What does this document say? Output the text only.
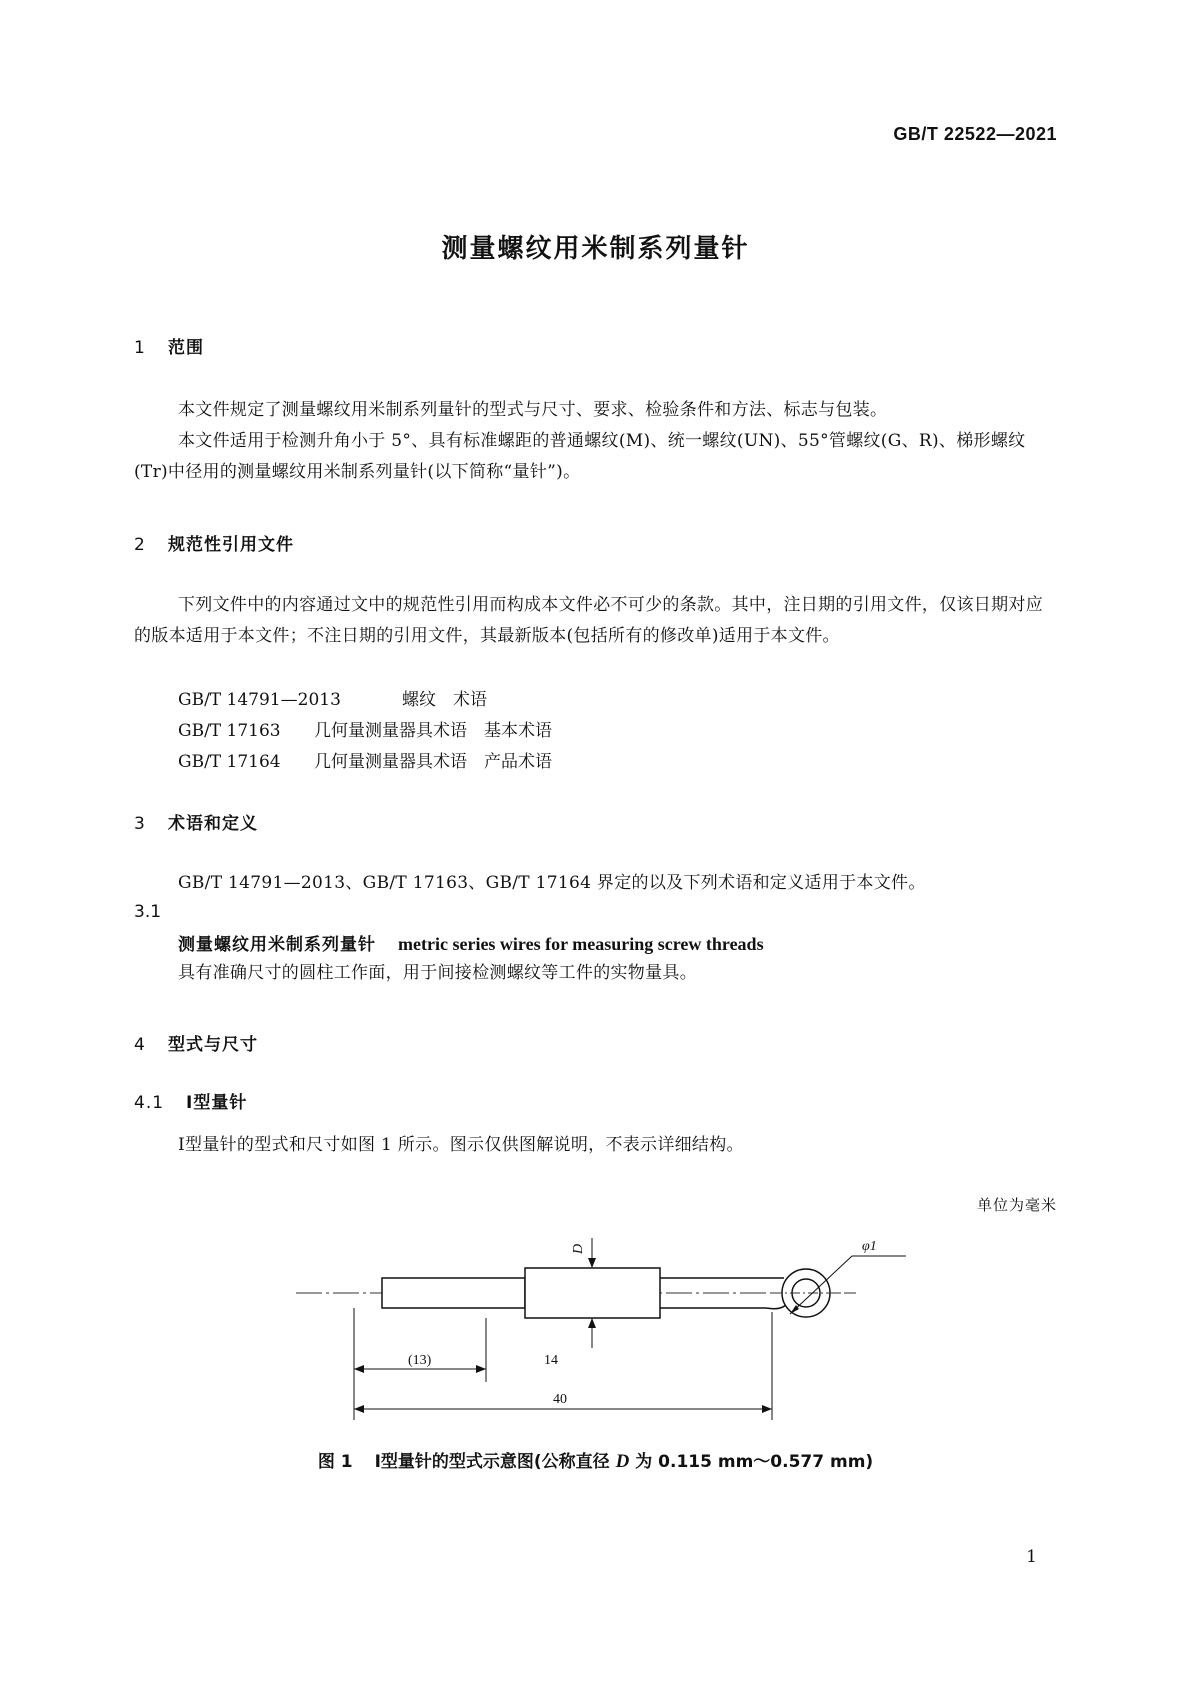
GB/T 22522—2021
测量螺纹用米制系列量针
1 范围
本文件规定了测量螺纹用米制系列量针的型式与尺寸、要求、检验条件和方法、标志与包装。
本文件适用于检测升角小于 5°、具有标准螺距的普通螺纹(M)、统一螺纹(UN)、55°管螺纹(G、R)、梯形螺纹(Tr)中径用的测量螺纹用米制系列量针(以下简称“量针”)。
2 规范性引用文件
下列文件中的内容通过文中的规范性引用而构成本文件必不可少的条款。其中，注日期的引用文件，仅该日期对应的版本适用于本文件；不注日期的引用文件，其最新版本(包括所有的修改单)适用于本文件。
GB/T 14791—2013	螺纹　术语
GB/T 17163 几何量测量器具术语　基本术语
GB/T 17164 几何量测量器具术语　产品术语
3 术语和定义
GB/T 14791—2013、GB/T 17163、GB/T 17164 界定的以及下列术语和定义适用于本文件。
3.1
测量螺纹用米制系列量针 metric series wires for measuring screw threads
具有准确尺寸的圆柱工作面，用于间接检测螺纹等工件的实物量具。
4 型式与尺寸
4.1 Ⅰ型量针
Ⅰ型量针的型式和尺寸如图 1 所示。图示仅供图解说明，不表示详细结构。
单位为毫米
φ1
D
(13)	14
40
图 1 Ⅰ型量针的型式示意图(公称直径 D 为 0.115 mm～0.577 mm)
1
